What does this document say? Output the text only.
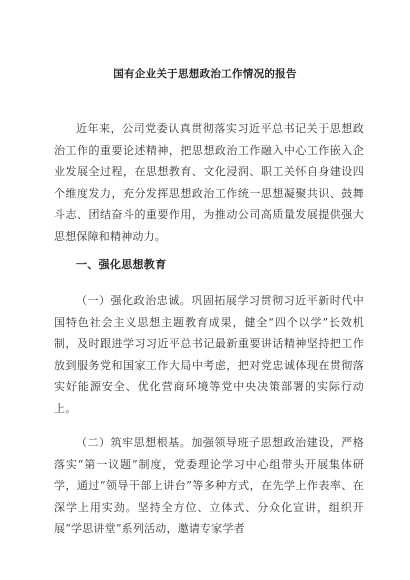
国有企业关于思想政治工作情况的报告

近年来，公司党委认真贯彻落实习近平总书记关于思想政治工作的重要论述精神，把思想政治工作融入中心工作嵌入企业发展全过程，在思想教育、文化浸润、职工关怀自身建设四个维度发力，充分发挥思想政治工作统一思想凝聚共识、鼓舞斗志、团结奋斗的重要作用，为推动公司高质量发展提供强大思想保障和精神动力。

一、强化思想教育

（一）强化政治忠诚。巩固拓展学习贯彻习近平新时代中国特色社会主义思想主题教育成果，健全“四个以学”长效机制，及时跟进学习习近平总书记最新重要讲话精神坚持把工作放到服务党和国家工作大局中考虑，把对党忠诚体现在贯彻落实好能源安全、优化营商环境等党中央决策部署的实际行动上。

（二）筑牢思想根基。加强领导班子思想政治建设，严格落实“第一议题”制度，党委理论学习中心组带头开展集体研学，通过“领导干部上讲台”等多种方式，在先学上作表率、在深学上用实劲。坚持全方位、立体式、分众化宣讲，组织开展“学思讲堂”系列活动，邀请专家学者
